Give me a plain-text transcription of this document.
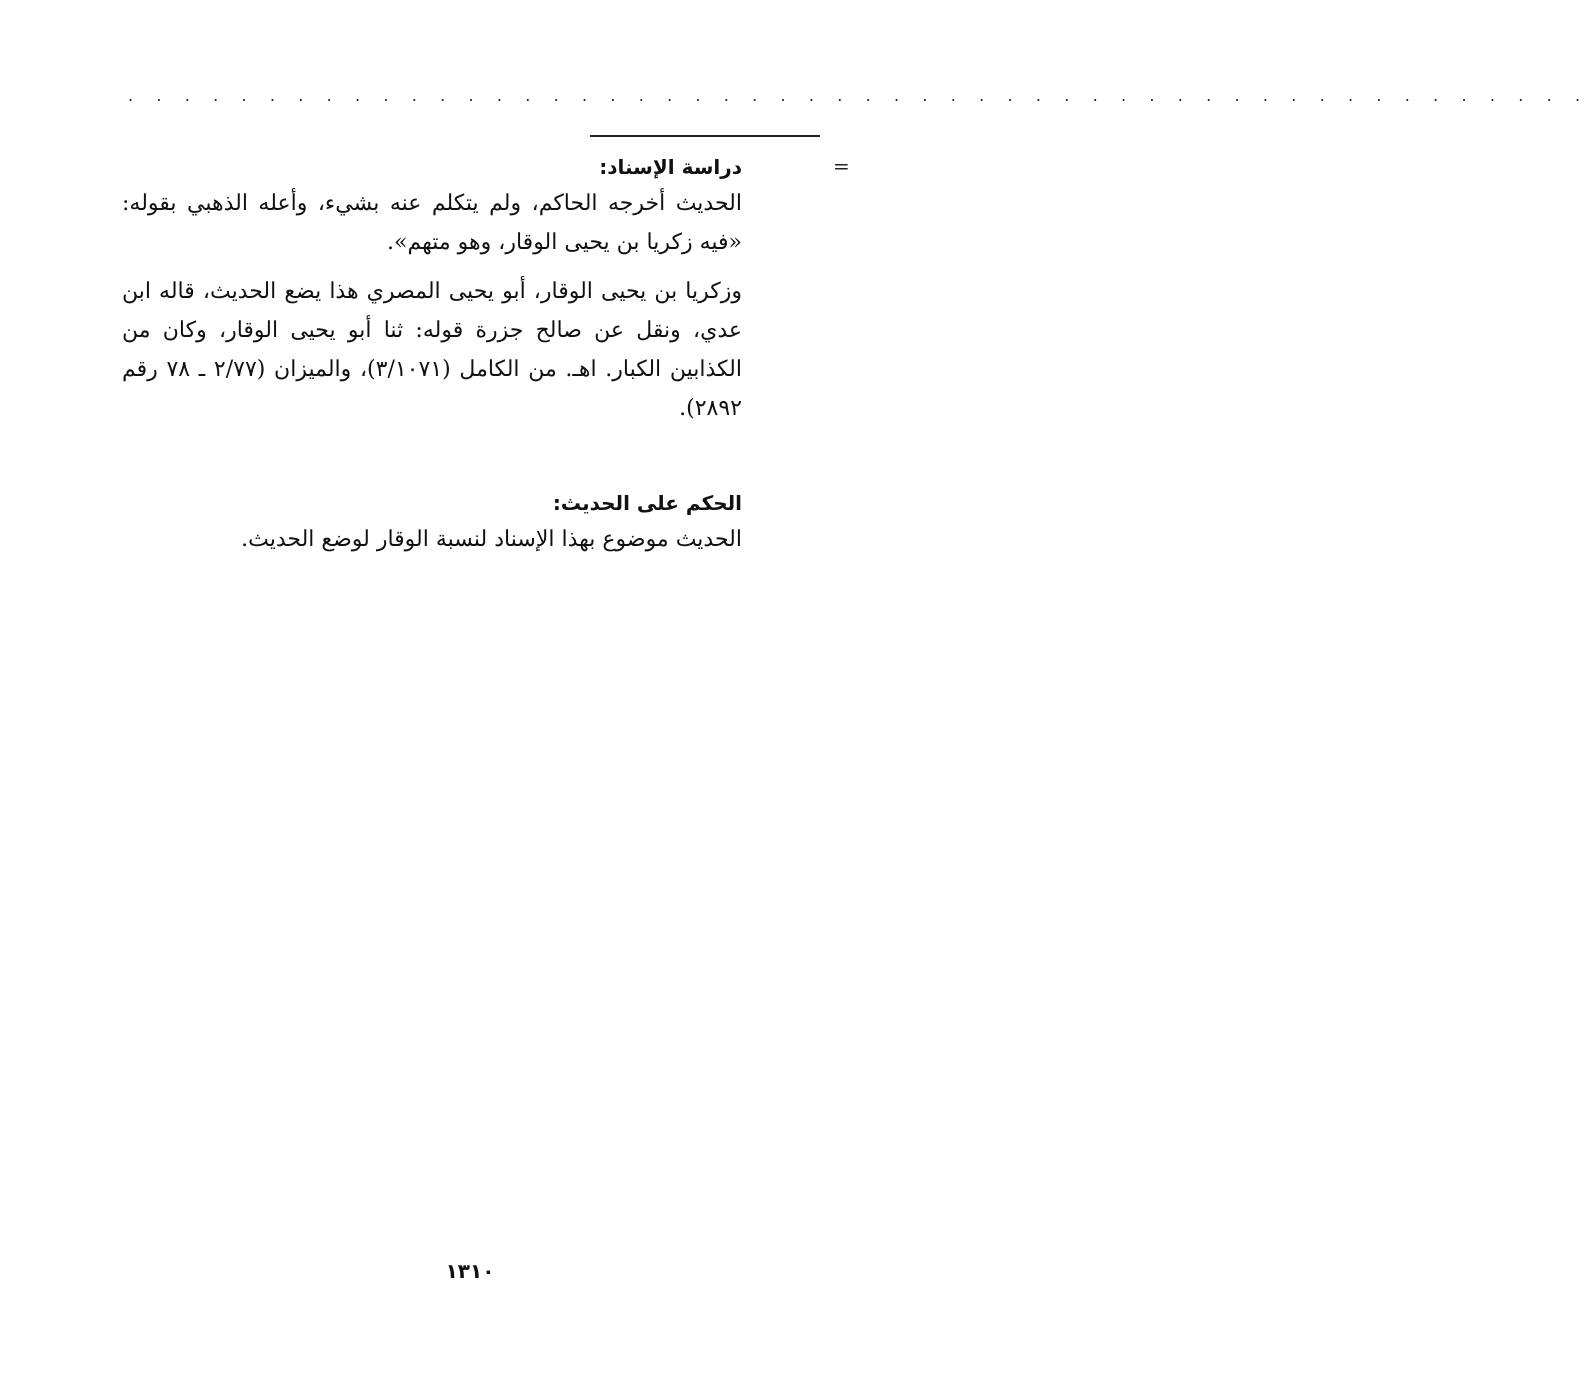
. . . . . . . . . . . . . . . . . . . . . . . . . . . . . . . . . . . . . . . . . . . . . . . . . . . .
=

دراسة الإسناد:

الحديث أخرجه الحاكم، ولم يتكلم عنه بشيء، وأعله الذهبي بقوله: «فيه زكريا بن يحيى الوقار، وهو متهم».

وزكريا بن يحيى الوقار، أبو يحيى المصري هذا يضع الحديث، قاله ابن عدي، ونقل عن صالح جزرة قوله: ثنا أبو يحيى الوقار، وكان من الكذابين الكبار. اهـ. من الكامل (٣/١٠٧١)، والميزان (٢/٧٧ ـ ٧٨ رقم ٢٨٩٢).

الحكم على الحديث:

الحديث موضوع بهذا الإسناد لنسبة الوقار لوضع الحديث.

١٣١٠
